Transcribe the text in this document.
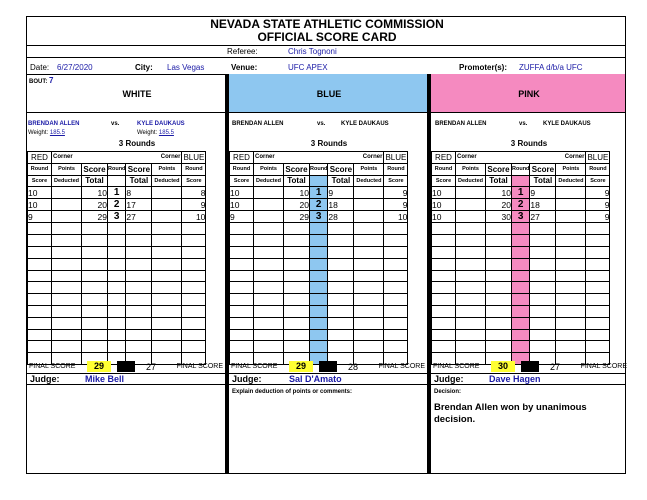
NEVADA STATE ATHLETIC COMMISSION
OFFICIAL SCORE CARD
Referee:	Chris Tognoni
Date: 6/27/2020	City: Las Vegas	Venue:	UFC APEX	Promoter(s): ZUFFA d/b/a UFC
BOUT: 7
WHITE	BLUE	PINK
BRENDAN ALLEN	vs.	KYLE DAUKAUS	BRENDAN ALLEN	vs.	KYLE DAUKAUS	BRENDAN ALLEN	vs.	KYLE DAUKAUS
Weight: 185.5	Weight: 185.5
3 Rounds	3 Rounds	3 Rounds
Judge:	Mike Bell	Judge:	Sal D'Amato	Judge:	Dave Hagen
Explain deduction of points or comments:	Decision:
Brendan Allen won by unanimous decision.
RED	Corner Corner					BLUE
Round	Points	Score	Round	Score	Points	Round
Score	Deducted	Total		Total	Deducted	Score
10		10	1	8		8
10		20	2	17		9
9		29	3	27		10

FINAL SCORE	29	27	FINAL SCORE
RED	Corner Corner					BLUE
Round	Points	Score	Round	Score	Points	Round
Score	Deducted	Total		Total	Deducted	Score
10		10	1	9		9
10		20	2	18		9
9		29	3	28		10

FINAL SCORE	29	28	FINAL SCORE
RED	Corner Corner					BLUE
Round	Points	Score	Round	Score	Points	Round
Score	Deducted	Total		Total	Deducted	Score
10		10	1	9		9
10		20	2	18		9
10		30	3	27		9

FINAL SCORE	30	27	FINAL SCORE
